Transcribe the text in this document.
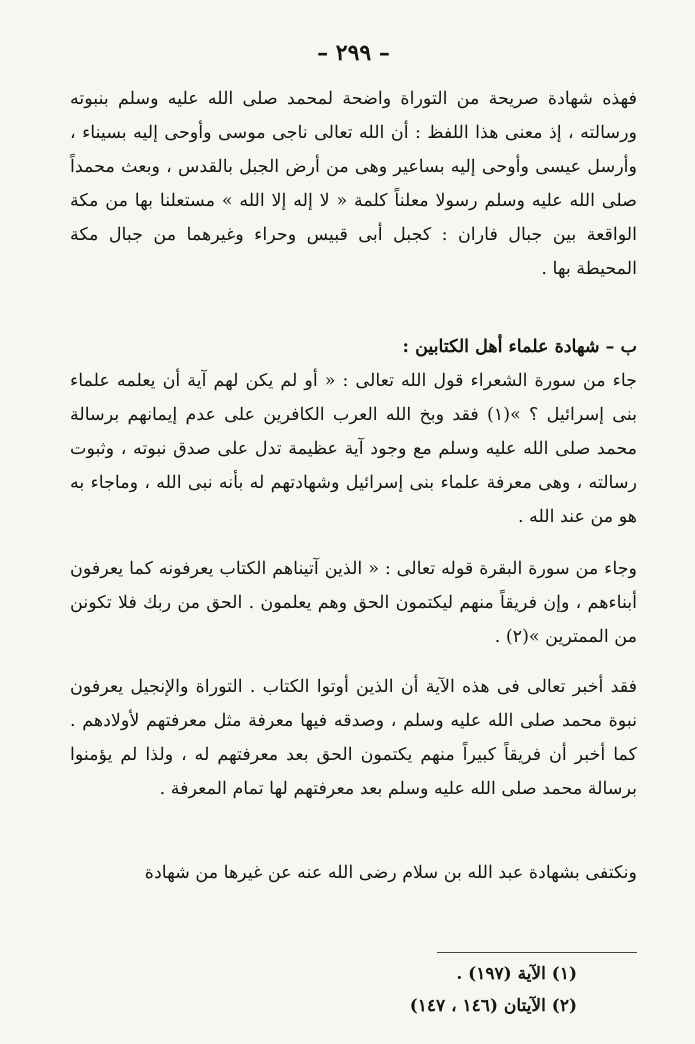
– ٢٩٩ –

فهذه شهادة صريحة من التوراة واضحة لمحمد صلى الله عليه وسلم بنبوته ورسالته ، إذ معنى هذا اللفظ : أن الله تعالى ناجى موسى وأوحى إليه بسيناء ، وأرسل عيسى وأوحى إليه بساعير وهى من أرض الجبل بالقدس ، وبعث محمداً صلى الله عليه وسلم رسولا معلناً كلمة « لا إله إلا الله » مستعلنا بها من مكة الواقعة بين جبال فاران : كجبل أبى قبيس وحراء وغيرهما من جبال مكة المحيطة بها .

ب – شهادة علماء أهل الكتابين :

جاء من سورة الشعراء قول الله تعالى : « أو لم يكن لهم آية أن يعلمه علماء بنى إسرائيل ؟ »(١) فقد وبخ الله العرب الكافرين على عدم إيمانهم برسالة محمد صلى الله عليه وسلم مع وجود آية عظيمة تدل على صدق نبوته ، وثبوت رسالته ، وهى معرفة علماء بنى إسرائيل وشهادتهم له بأنه نبى الله ، وماجاء به هو من عند الله .

وجاء من سورة البقرة قوله تعالى : « الذين آتيناهم الكتاب يعرفونه كما يعرفون أبناءهم ، وإن فريقاً منهم ليكتمون الحق وهم يعلمون . الحق من ربك فلا تكونن من الممترين »(٢) .

فقد أخبر تعالى فى هذه الآية أن الذين أوتوا الكتاب . التوراة والإنجيل يعرفون نبوة محمد صلى الله عليه وسلم ، وصدقه فيها معرفة مثل معرفتهم لأولادهم . كما أخبر أن فريقاً كبيراً منهم يكتمون الحق بعد معرفتهم له ، ولذا لم يؤمنوا برسالة محمد صلى الله عليه وسلم بعد معرفتهم لها تمام المعرفة .

ونكتفى بشهادة عبد الله بن سلام رضى الله عنه عن غيرها من شهادة

(١) الآية (١٩٧) .
(٢) الآيتان (١٤٦ ، ١٤٧)
